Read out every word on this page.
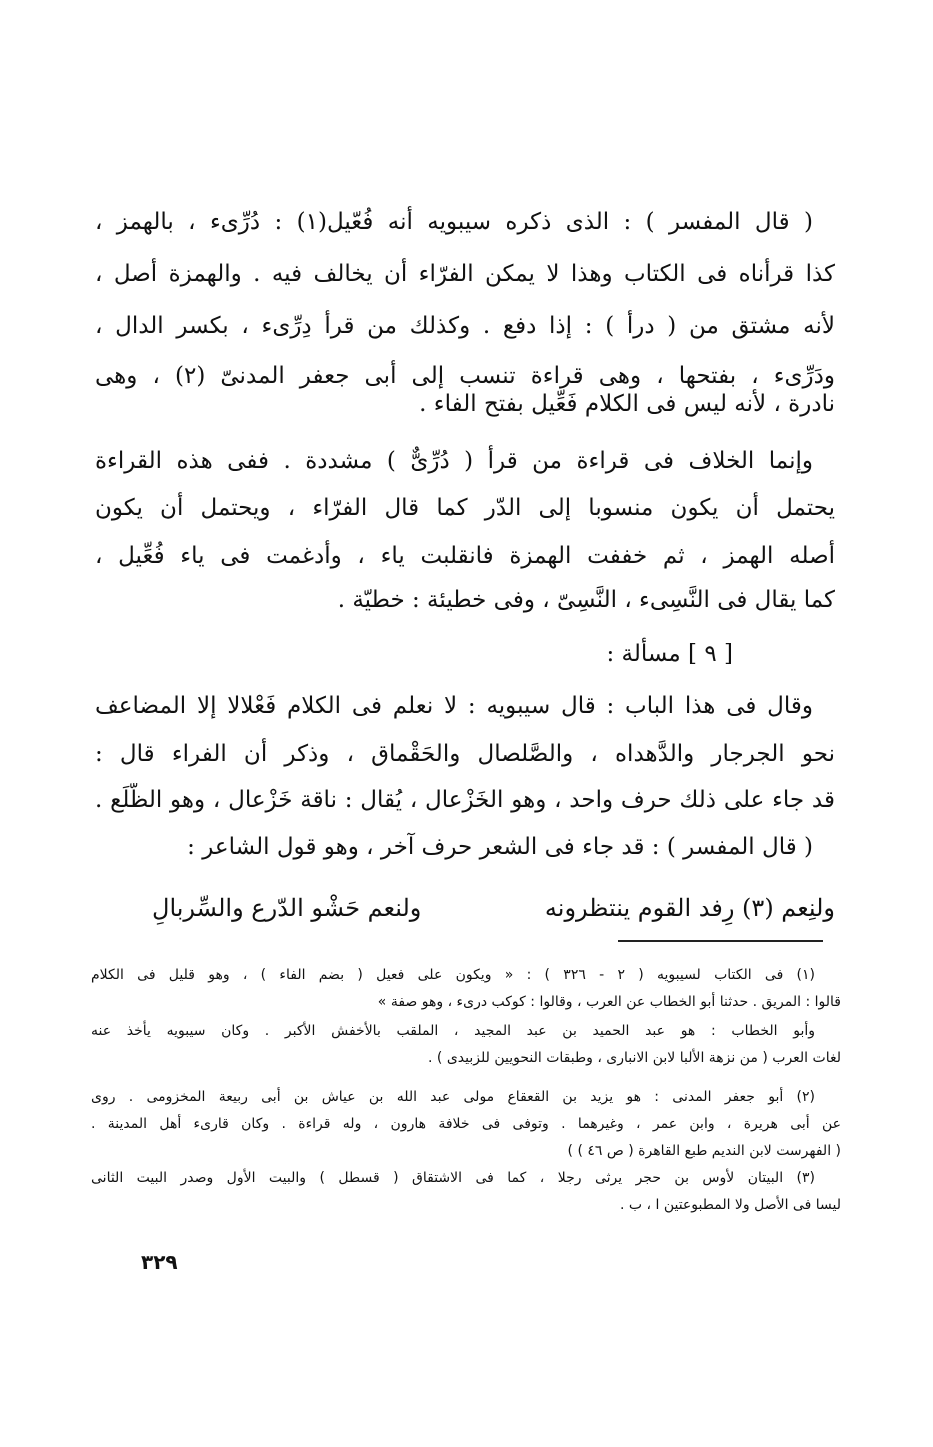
( قال المفسر ) : الذى ذكره سيبويه أنه فُعّيل(١) : دُرِّىء ، بالهمز ،
كذا قرأناه فى الكتاب وهذا لا يمكن الفرّاء أن يخالف فيه . والهمزة أصل ،
لأنه مشتق من ( درأ ) : إذا دفع . وكذلك من قرأ دِرِّىء ، بكسر الدال ،
ودَرِّىء ، بفتحها ، وهى قراءة تنسب إلى أبى جعفر المدنىّ (٢) ، وهى
نادرة ، لأنه ليس فى الكلام فَعِّيل بفتح الفاء .
وإنما الخلاف فى قراءة من قرأ ( دُرِّىٌّ ) مشددة . ففى هذه القراءة
يحتمل أن يكون منسوبا إلى الدّر كما قال الفرّاء ، ويحتمل أن يكون
أصله الهمز ، ثم خففت الهمزة فانقلبت ياء ، وأدغمت فى ياء فُعِّيل ،
كما يقال فى النَّسِىء ، النَّسِىّ ، وفى خطيئة : خطيّة .
[ ٩ ] مسألة :
وقال فى هذا الباب : قال سيبويه : لا نعلم فى الكلام فَعْلالا إلا المضاعف
نحو الجرجار والدَّهداه ، والصَّلصال والحَقْماق ، وذكر أن الفراء قال :
قد جاء على ذلك حرف واحد ، وهو الخَزْعال ، يُقال : ناقة خَزْعال ، وهو الظَّلَع .
( قال المفسر ) : قد جاء فى الشعر حرف آخر ، وهو قول الشاعر :
ولنِعم (٣) رِفد القوم ينتظرونه
ولنعم حَشْو الدّرع والسِّربالِ
(١) فى الكتاب لسيبويه ( ٢ - ٣٢٦ ) : « ويكون على فعيل ( بضم الفاء ) ، وهو قليل فى الكلام
قالوا : المريق . حدثنا أبو الخطاب عن العرب ، وقالوا : كوكب درىء ، وهو صفة »
وأبو الخطاب : هو عبد الحميد بن عبد المجيد ، الملقب بالأخفش الأكبر . وكان سيبويه يأخذ عنه
لغات العرب ( من نزهة الألبا لابن الانبارى ، وطبقات النحويين للزبيدى ) .
(٢) أبو جعفر المدنى : هو يزيد بن القعقاع مولى عبد الله بن عياش بن أبى ربيعة المخزومى . روى
عن أبى هريرة ، وابن عمر ، وغيرهما . وتوفى فى خلافة هارون ، وله قراءة . وكان قارىء أهل المدينة .
( الفهرست لابن النديم طبع القاهرة ( ص ٤٦ ) )
(٣) البيتان لأوس بن حجر يرثى رجلا ، كما فى الاشتقاق ( قسطل ) والبيت الأول وصدر البيت الثانى
ليسا فى الأصل ولا المطبوعتين ا ، ب .
٣٢٩
